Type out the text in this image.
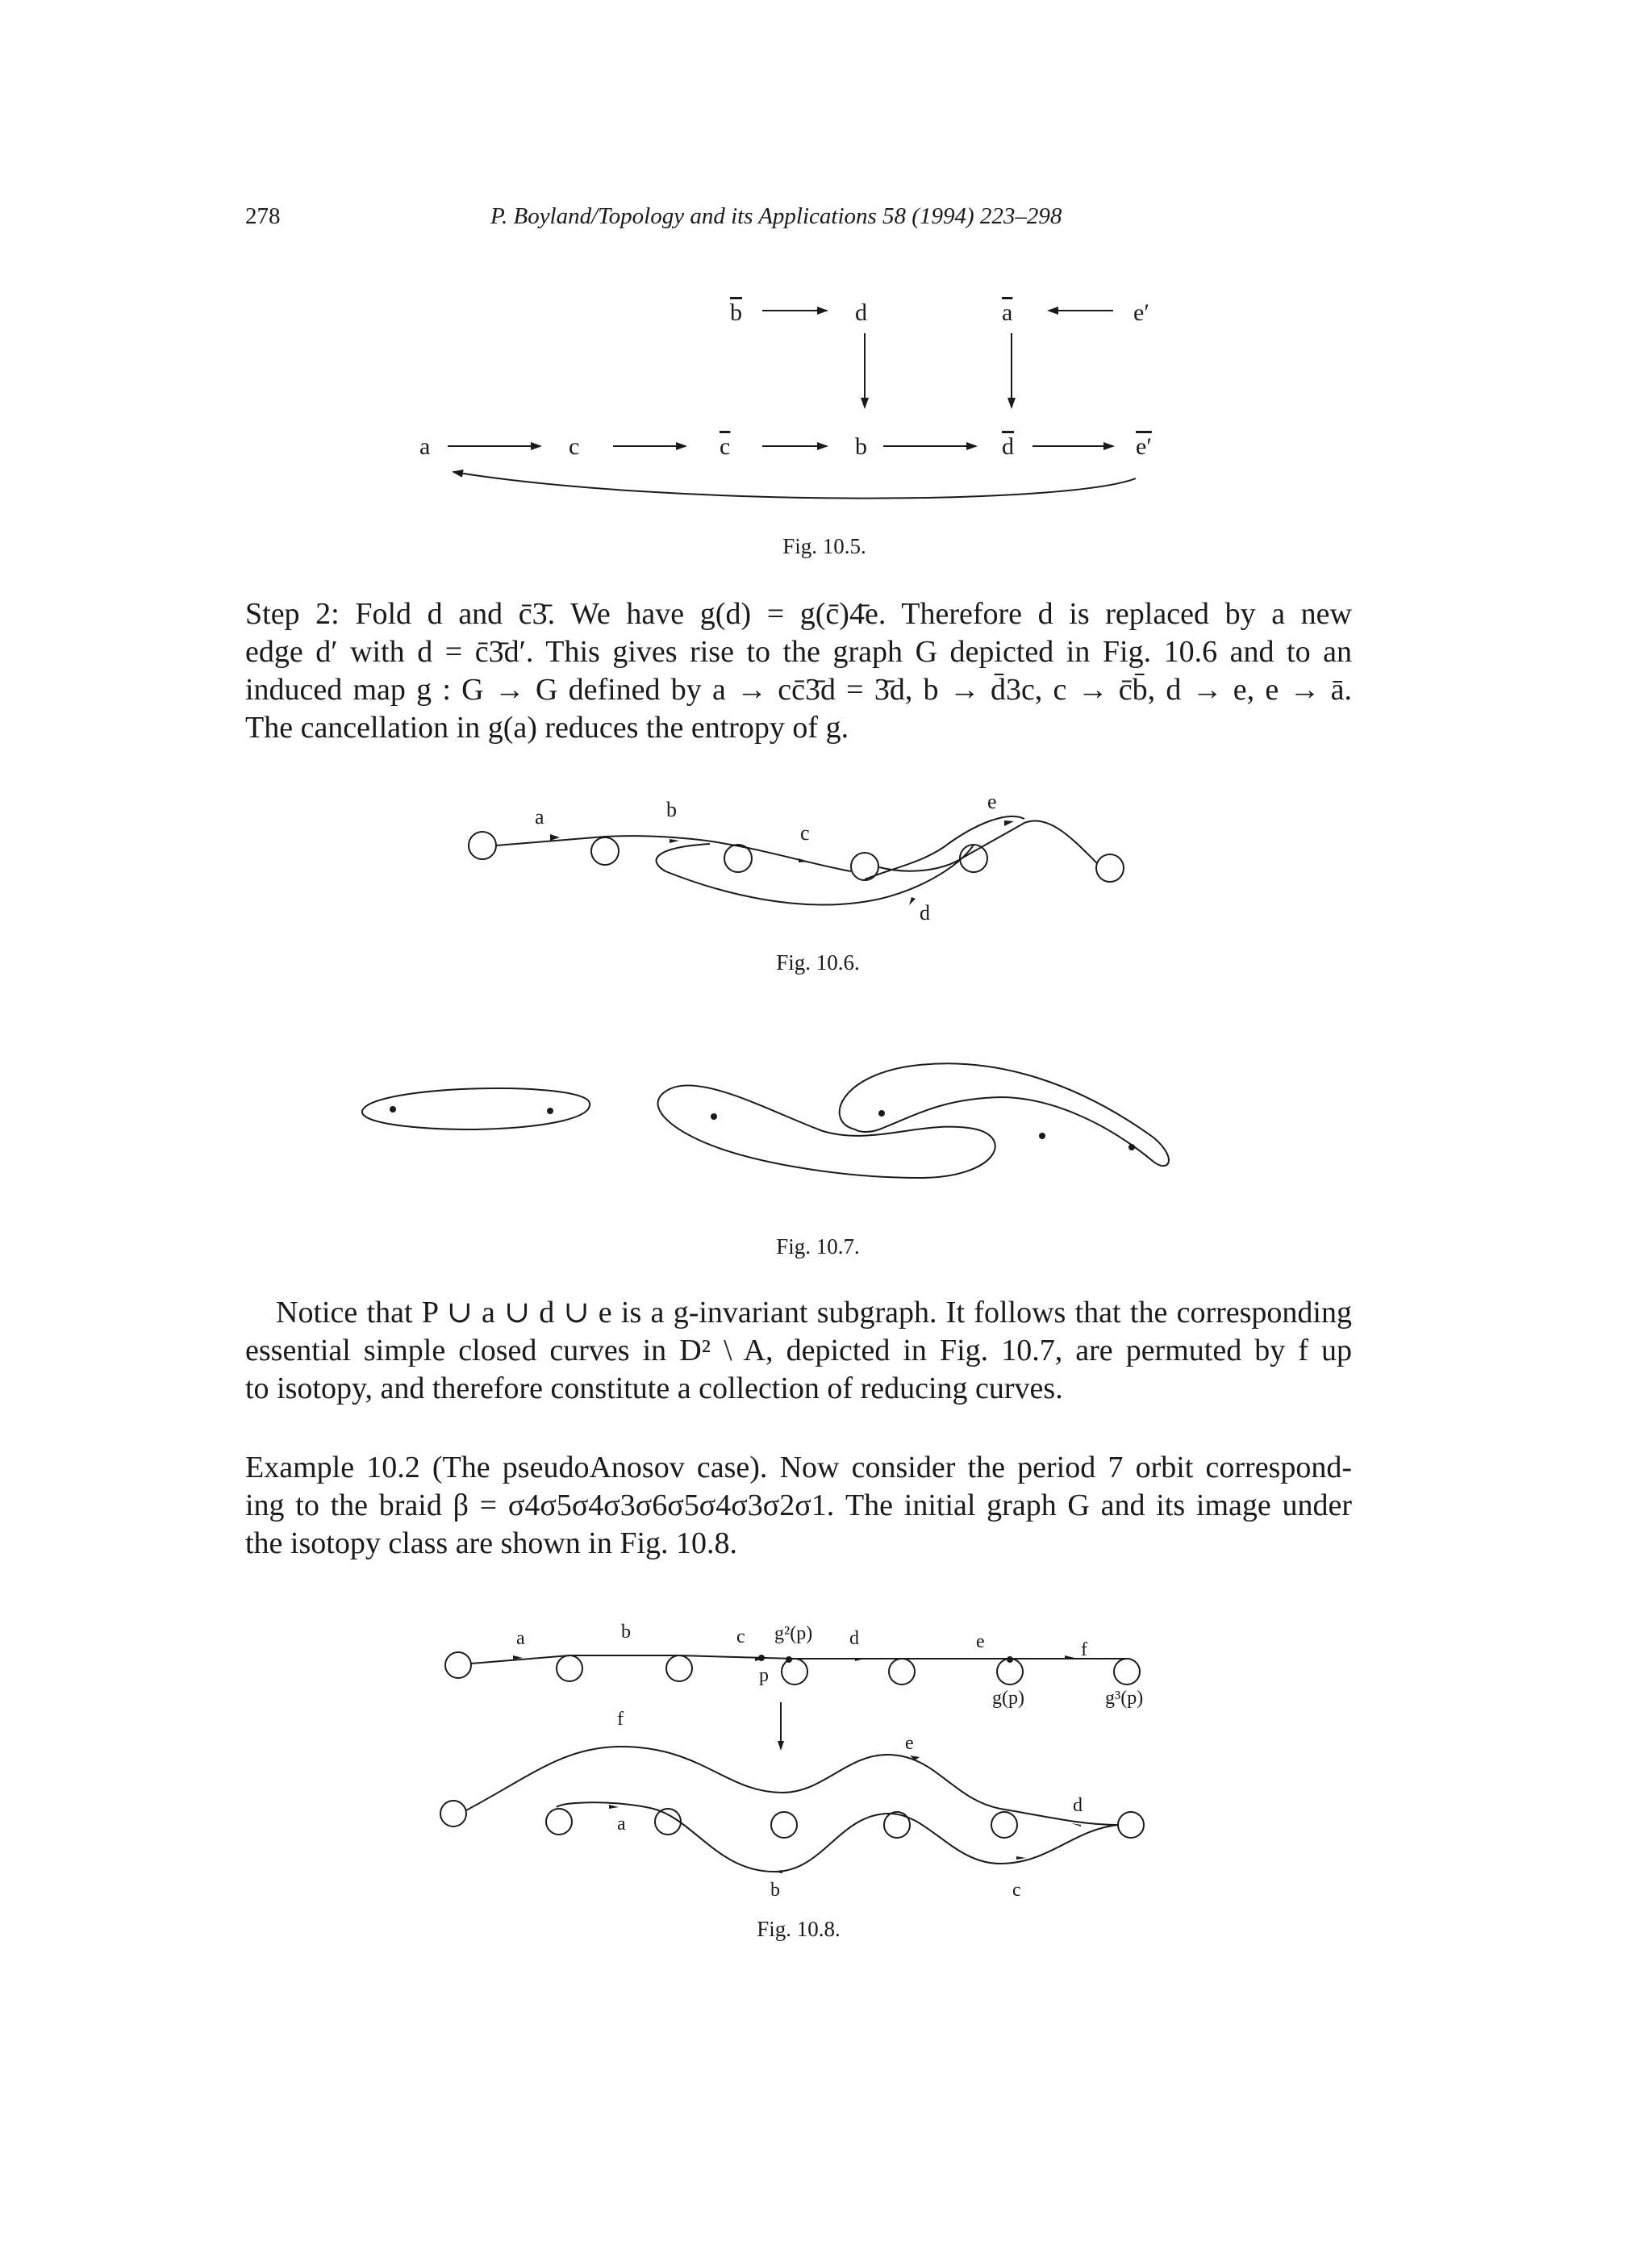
278	P. Boyland/Topology and its Applications 58 (1994) 223–298
b	d	a	e′
a	c	c	b	d	e′
Fig. 10.5.
Step 2: Fold d and c̄3̄. We have g(d) = g(c̄)4̄e. Therefore d is replaced by a new
edge d′ with d = c̄3̄d′. This gives rise to the graph G depicted in Fig. 10.6 and to an
induced map g : G → G defined by a → cc̄3̄d = 3̄d, b → d̄3c, c → c̄b̄, d → e, e → ā.
The cancellation in g(a) reduces the entropy of g.
a	b
c
d
e
Fig. 10.6.
Fig. 10.7.
Notice that P ∪ a ∪ d ∪ e is a g-invariant subgraph. It follows that the corresponding
essential simple closed curves in D² \ A, depicted in Fig. 10.7, are permuted by f up
to isotopy, and therefore constitute a collection of reducing curves.
Example 10.2 (The pseudoAnosov case). Now consider the period 7 orbit correspond-
ing to the braid β = σ4σ5σ4σ3σ6σ5σ4σ3σ2σ1. The initial graph G and its image under
the isotopy class are shown in Fig. 10.8.
a	b	c g²(p) d	e	f
p
g(p)	g³(p)
f
e
d
a
b	c
Fig. 10.8.
